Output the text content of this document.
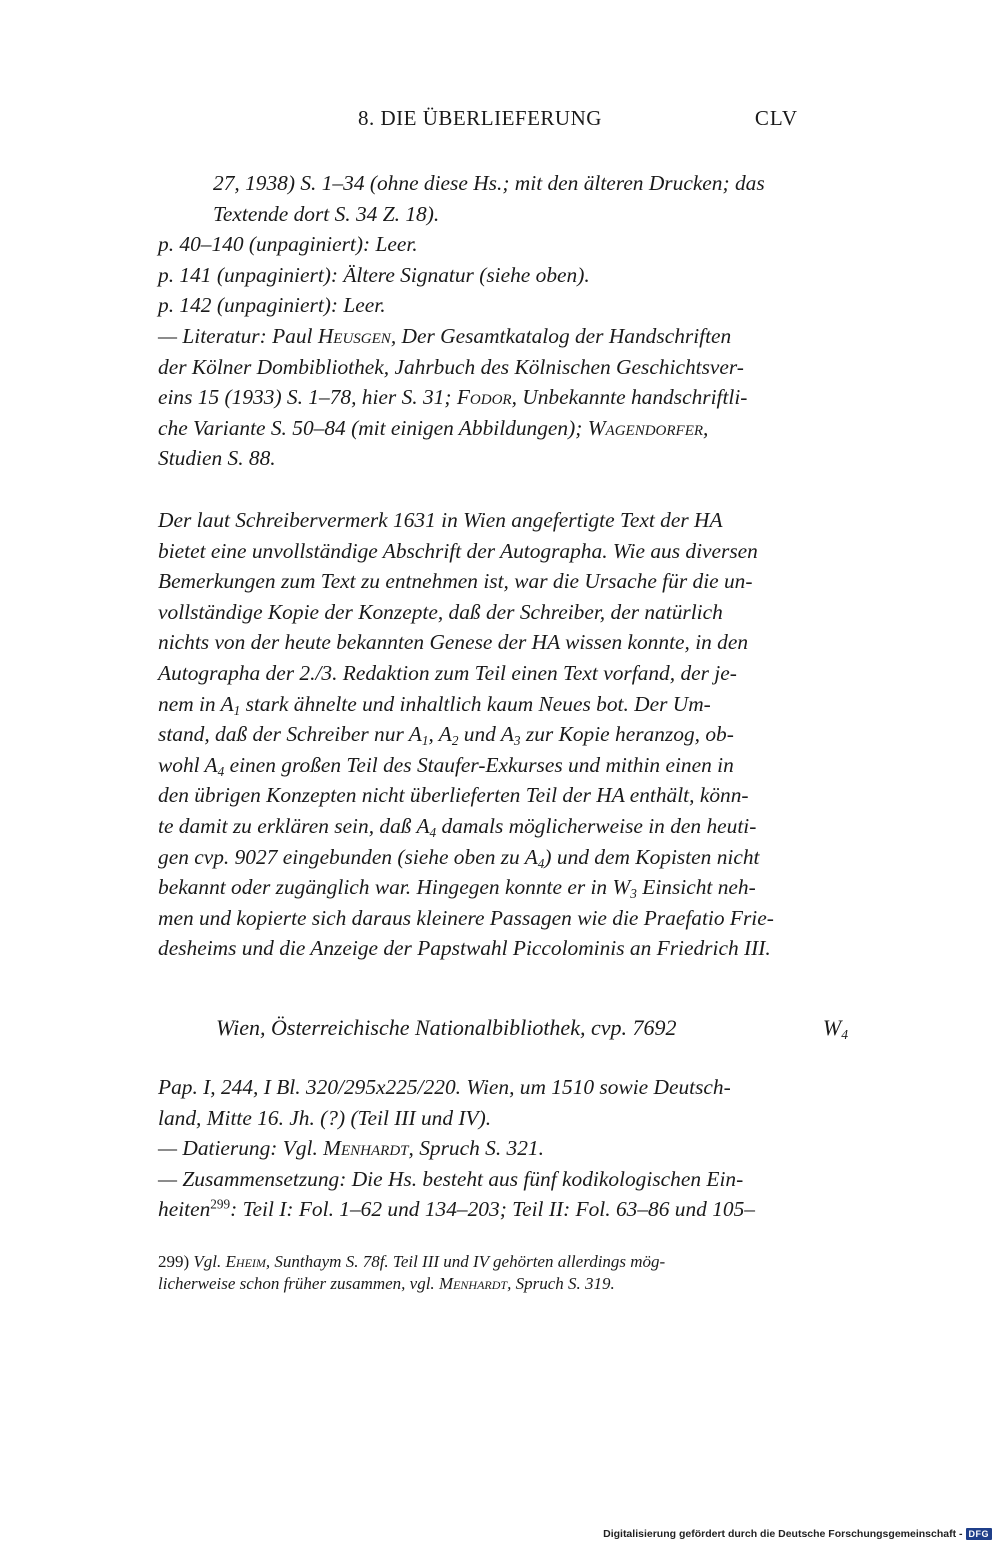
8. DIE ÜBERLIEFERUNG	CLV
27, 1938) S. 1–34 (ohne diese Hs.; mit den älteren Drucken; das
Textende dort S. 34 Z. 18).
p. 40–140 (unpaginiert): Leer.
p. 141 (unpaginiert): Ältere Signatur (siehe oben).
p. 142 (unpaginiert): Leer.
— Literatur: Paul Heusgen, Der Gesamtkatalog der Handschriften
der Kölner Dombibliothek, Jahrbuch des Kölnischen Geschichtsver-
eins 15 (1933) S. 1–78, hier S. 31; Fodor, Unbekannte handschriftli-
che Variante S. 50–84 (mit einigen Abbildungen); Wagendorfer,
Studien S. 88.
Der laut Schreibervermerk 1631 in Wien angefertigte Text der HA
bietet eine unvollständige Abschrift der Autographa. Wie aus diversen
Bemerkungen zum Text zu entnehmen ist, war die Ursache für die un-
vollständige Kopie der Konzepte, daß der Schreiber, der natürlich
nichts von der heute bekannten Genese der HA wissen konnte, in den
Autographa der 2./3. Redaktion zum Teil einen Text vorfand, der je-
nem in $A_1$ stark ähnelte und inhaltlich kaum Neues bot. Der Um-
stand, daß der Schreiber nur $A_1$, $A_2$ und $A_3$ zur Kopie heranzog, ob-
wohl $A_4$ einen großen Teil des Staufer-Exkurses und mithin einen in
den übrigen Konzepten nicht überlieferten Teil der HA enthält, könn-
te damit zu erklären sein, daß $A_4$ damals möglicherweise in den heuti-
gen cvp. 9027 eingebunden (siehe oben zu $A_4$) und dem Kopisten nicht
bekannt oder zugänglich war. Hingegen konnte er in $W_3$ Einsicht neh-
men und kopierte sich daraus kleinere Passagen wie die Praefatio Frie-
desheims und die Anzeige der Papstwahl Piccolominis an Friedrich III.
Wien, Österreichische Nationalbibliothek, cvp. 7692	$W_4$
Pap. I, 244, I Bl. 320/295x225/220. Wien, um 1510 sowie Deutsch-
land, Mitte 16. Jh. (?) (Teil III und IV).
— Datierung: Vgl. Menhardt, Spruch S. 321.
— Zusammensetzung: Die Hs. besteht aus fünf kodikologischen Ein-
heiten$^{299}$: Teil I: Fol. 1–62 und 134–203; Teil II: Fol. 63–86 und 105–
299) Vgl. Eheim, Sunthaym S. 78f. Teil III und IV gehörten allerdings mög-
licherweise schon früher zusammen, vgl. Menhardt, Spruch S. 319.
Digitalisierung gefördert durch die Deutsche Forschungsgemeinschaft - DFG
